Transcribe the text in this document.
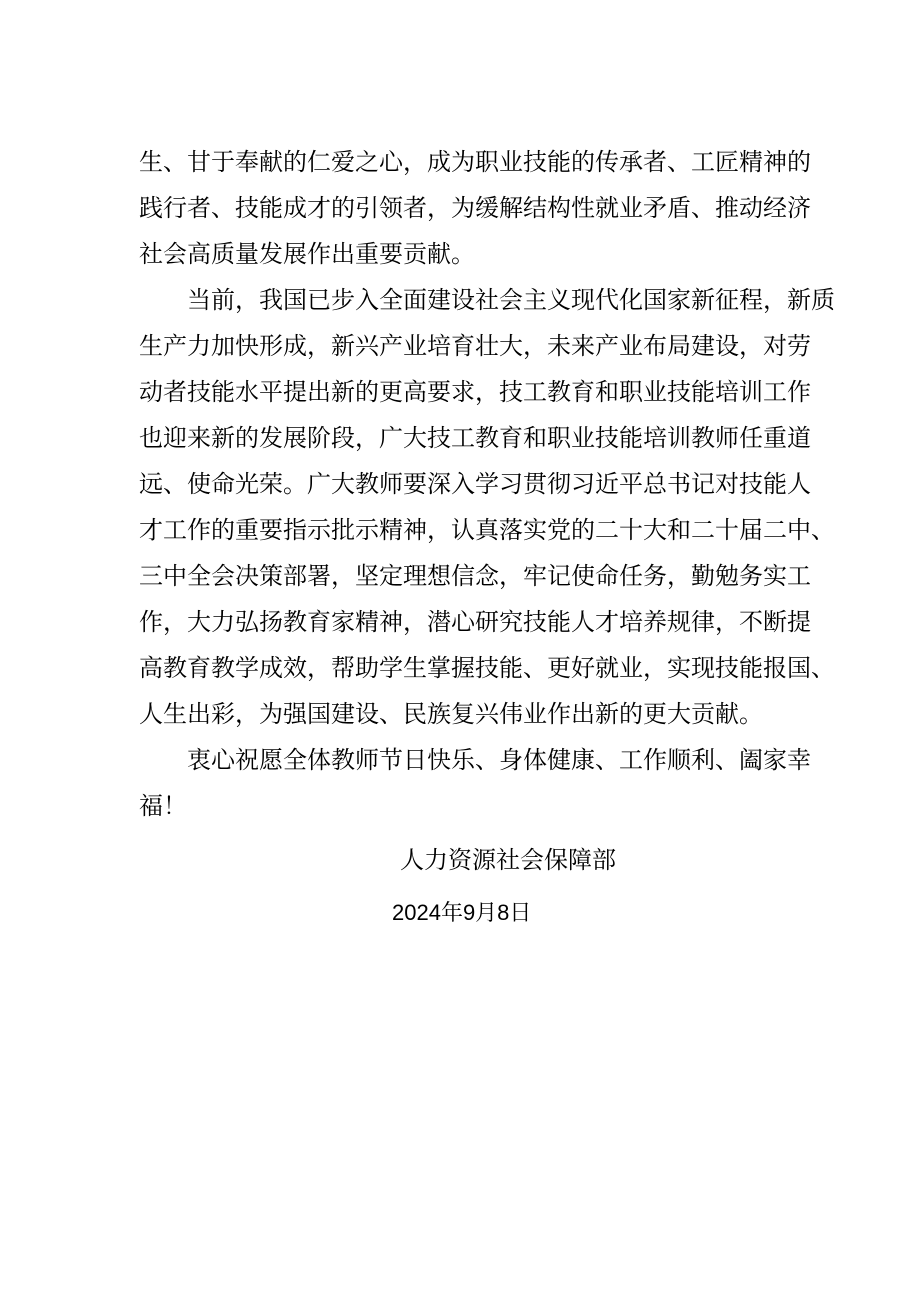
生、甘于奉献的仁爱之心，成为职业技能的传承者、工匠精神的
践行者、技能成才的引领者，为缓解结构性就业矛盾、推动经济
社会高质量发展作出重要贡献。
　　当前，我国已步入全面建设社会主义现代化国家新征程，新质
生产力加快形成，新兴产业培育壮大，未来产业布局建设，对劳
动者技能水平提出新的更高要求，技工教育和职业技能培训工作
也迎来新的发展阶段，广大技工教育和职业技能培训教师任重道
远、使命光荣。广大教师要深入学习贯彻习近平总书记对技能人
才工作的重要指示批示精神，认真落实党的二十大和二十届二中、
三中全会决策部署，坚定理想信念，牢记使命任务，勤勉务实工
作，大力弘扬教育家精神，潜心研究技能人才培养规律，不断提
高教育教学成效，帮助学生掌握技能、更好就业，实现技能报国、
人生出彩，为强国建设、民族复兴伟业作出新的更大贡献。
　　衷心祝愿全体教师节日快乐、身体健康、工作顺利、阖家幸
福！
人力资源社会保障部
2024年9月8日
